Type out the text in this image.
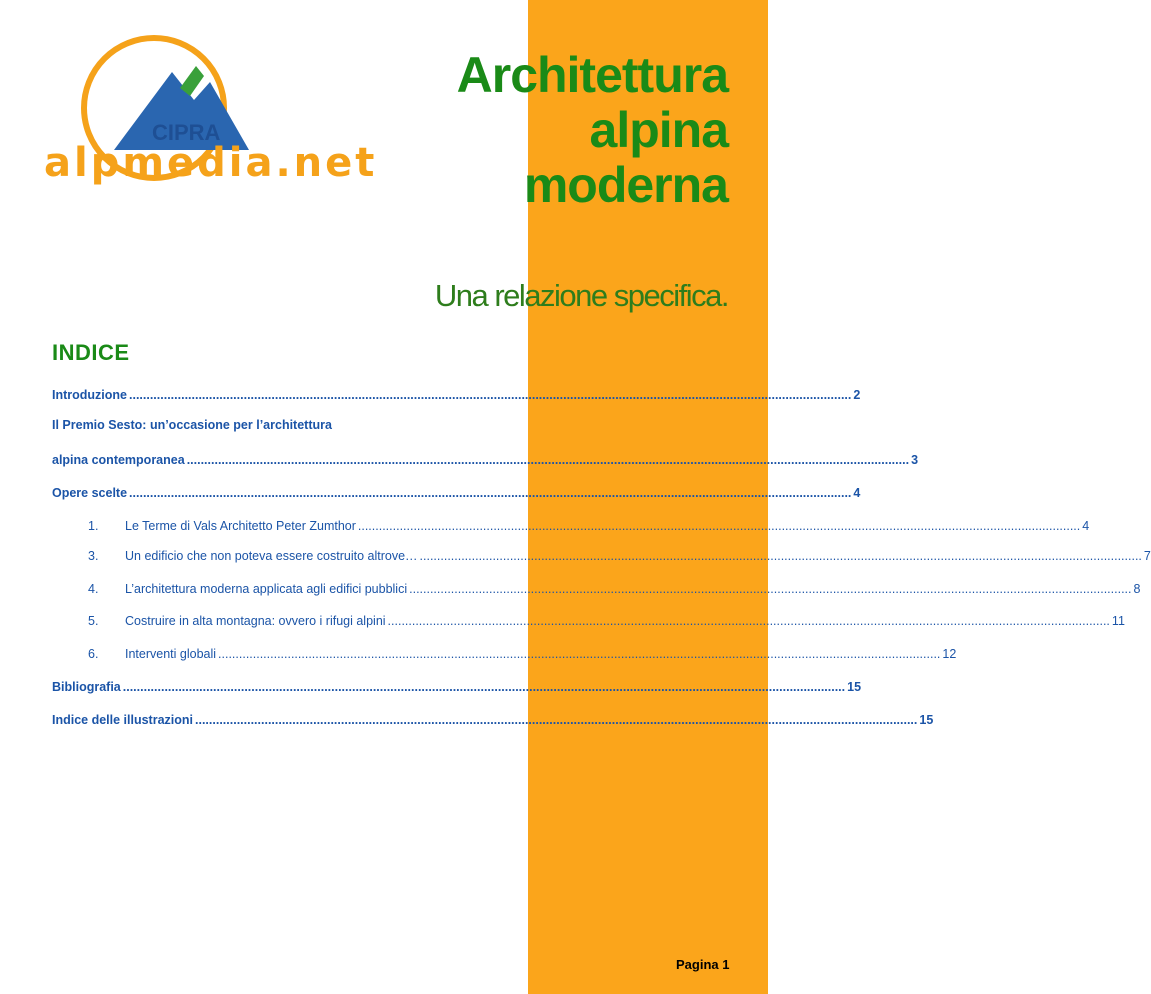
CIPRA
alpmedia.net
Architettura
alpina
moderna
Una relazione specifica.
INDICE
Introduzione .....	2
Il Premio Sesto: un’occasione per l’architettura
alpina contemporanea .....	3
Opere scelte .....	4
1. Le Terme di Vals Architetto Peter Zumthor .....	4
3. Un edificio che non poteva essere costruito altrove… .....	7
4. L’architettura moderna applicata agli edifici pubblici .....	8
5. Costruire in alta montagna: ovvero i rifugi alpini .....	11
6. Interventi globali .....	12
Bibliografia .....	15
Indice delle illustrazioni .....	15
Pagina 1
